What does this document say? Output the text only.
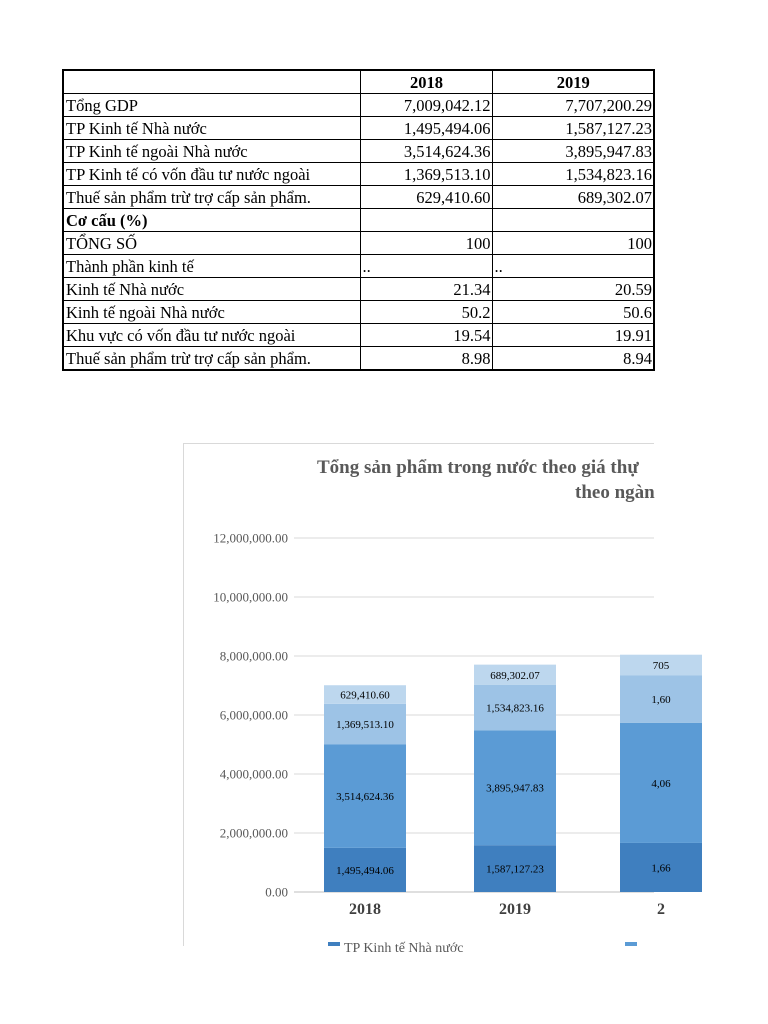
	2018	2019
Tổng GDP	7,009,042.12	7,707,200.29
TP Kinh tế Nhà nước	1,495,494.06	1,587,127.23
TP Kinh tế ngoài Nhà nước	3,514,624.36	3,895,947.83
TP Kinh tế có vốn đầu tư nước ngoài	1,369,513.10	1,534,823.16
Thuế sản phẩm trừ trợ cấp sản phẩm.	629,410.60	689,302.07
Cơ cấu (%)		
TỔNG SỐ	100	100
Thành phần kinh tế	..	..
Kinh tế Nhà nước	21.34	20.59
Kinh tế ngoài Nhà nước	50.2	50.6
Khu vực có vốn đầu tư nước ngoài	19.54	19.91
Thuế sản phẩm trừ trợ cấp sản phẩm.	8.98	8.94
Tổng sản phẩm trong nước theo giá thự
theo ngàn
0.00
2,000,000.00
4,000,000.00
6,000,000.00
8,000,000.00
10,000,000.00
12,000,000.00
1,495,494.06
3,514,624.36
1,369,513.10
629,410.60
2018
1,587,127.23
3,895,947.83
1,534,823.16
689,302.07
2019
1,66
4,06
1,60
705
2
TP Kinh tế Nhà nước
